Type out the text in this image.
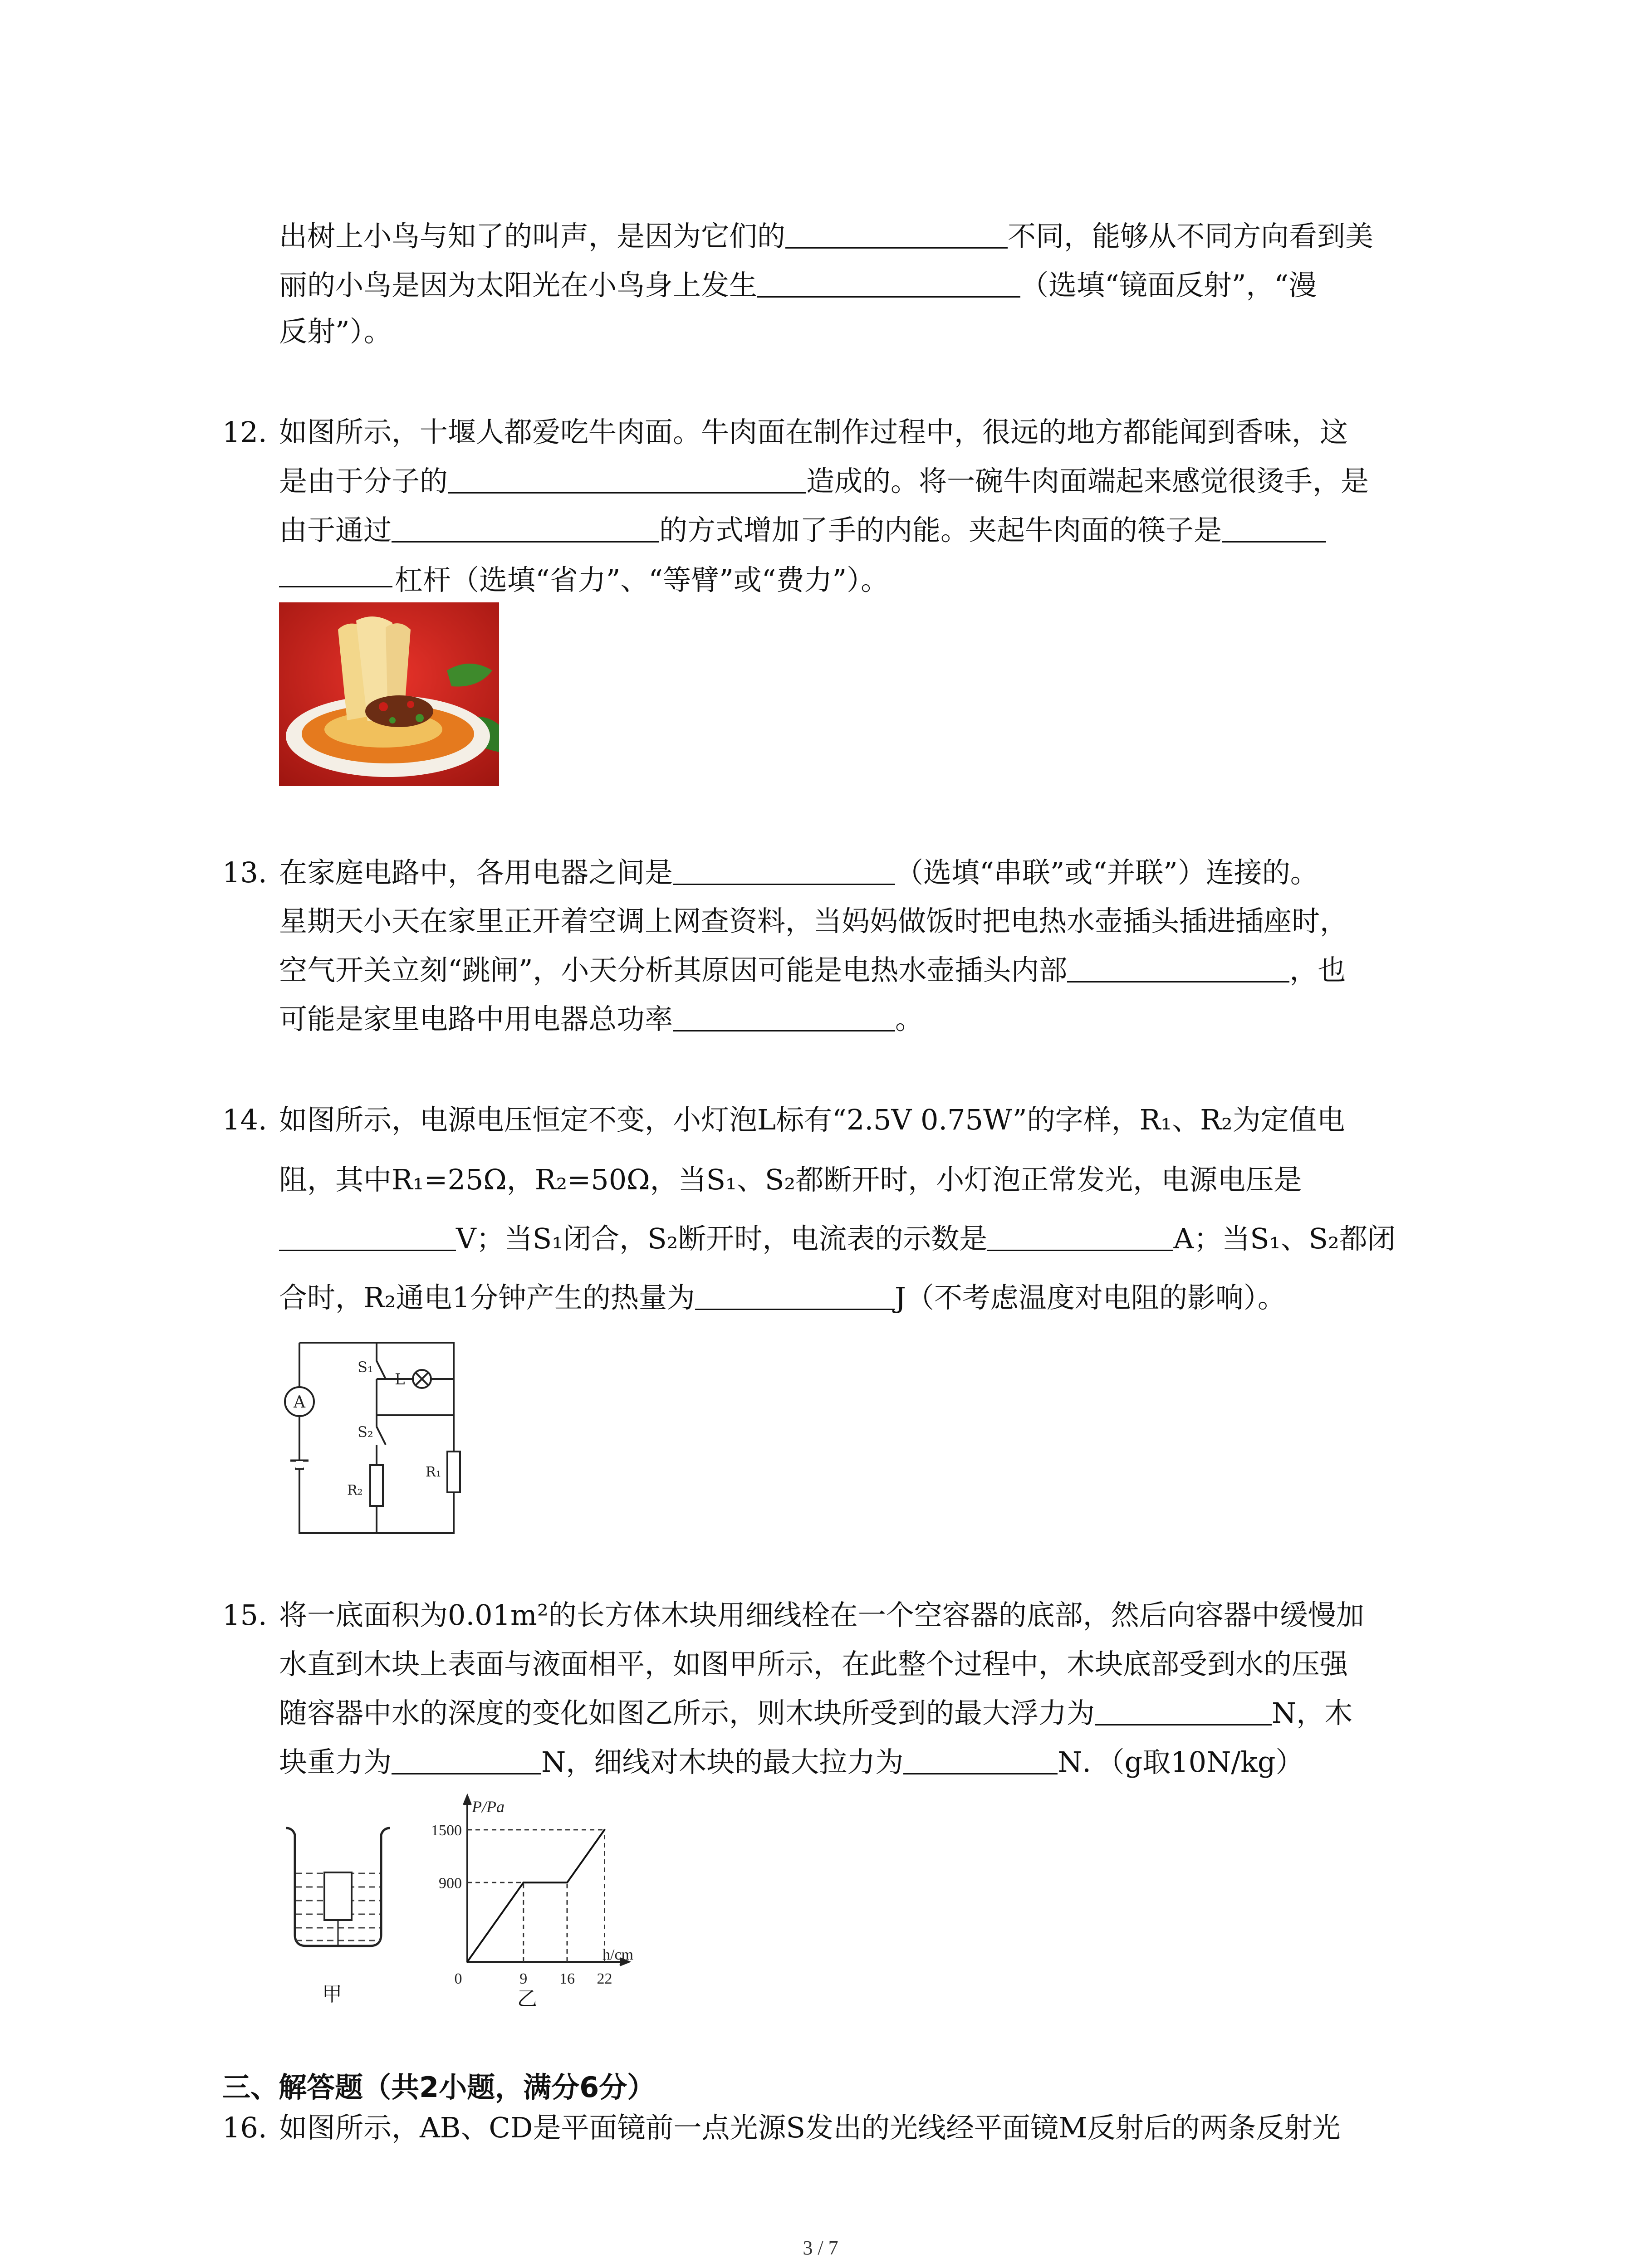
出树上小鸟与知了的叫声，是因为它们的	不同，能够从不同方向看到美
丽的小鸟是因为太阳光在小鸟身上发生	（选填“镜面反射”，“漫
反射”）。
12. 如图所示，十堰人都爱吃牛肉面。牛肉面在制作过程中，很远的地方都能闻到香味，这
是由于分子的	造成的。将一碗牛肉面端起来感觉很烫手，是
由于通过	的方式增加了手的内能。夹起牛肉面的筷子是
杠杆（选填“省力”、“等臂”或“费力”）。
13. 在家庭电路中，各用电器之间是	（选填“串联”或“并联”）连接的。
星期天小天在家里正开着空调上网查资料，当妈妈做饭时把电热水壶插头插进插座时，
空气开关立刻“跳闸”，小天分析其原因可能是电热水壶插头内部	，也
可能是家里电路中用电器总功率	。
14. 如图所示，电源电压恒定不变，小灯泡L标有“2.5V 0.75W”的字样，R₁、R₂为定值电
阻，其中R₁=25Ω，R₂=50Ω，当S₁、S₂都断开时，小灯泡正常发光，电源电压是
V；当S₁闭合，S₂断开时，电流表的示数是	A；当S₁、S₂都闭
合时，R₂通电1分钟产生的热量为	J（不考虑温度对电阻的影响）。
A
S₁
S₂
L
R₁
R₂
15. 将一底面积为0.01m²的长方体木块用细线栓在一个空容器的底部，然后向容器中缓慢加
水直到木块上表面与液面相平，如图甲所示，在此整个过程中，木块底部受到水的压强
随容器中水的深度的变化如图乙所示，则木块所受到的最大浮力为	N，木
块重力为	N，细线对木块的最大拉力为	N．（g取10N/kg）
甲
900
1500
0	9 16 22
P/Pa
h/cm
乙
三、解答题（共2小题，满分6分）
16. 如图所示，AB、CD是平面镜前一点光源S发出的光线经平面镜M反射后的两条反射光
3 / 7
